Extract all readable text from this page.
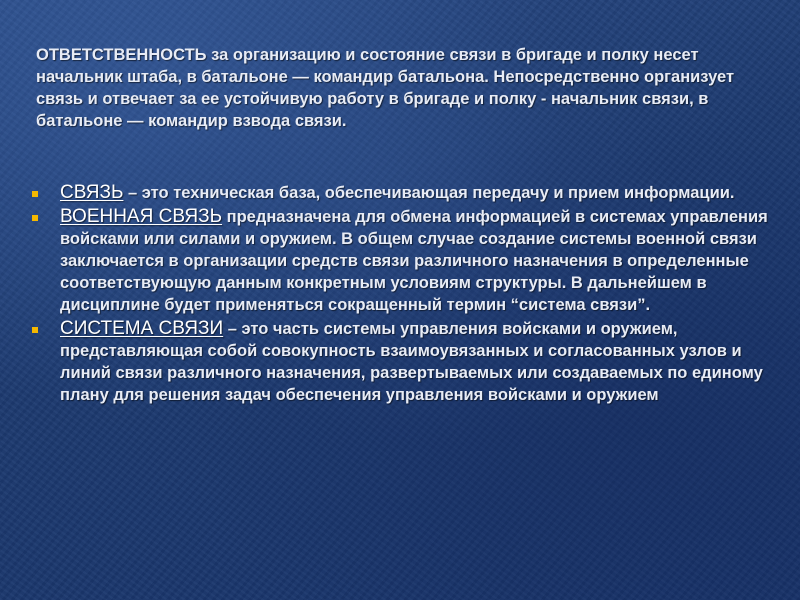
ОТВЕТСТВЕННОСТЬ за организацию и состояние связи в бригаде и полку несет начальник штаба, в батальоне — командир батальона. Непосредственно организует связь и отвечает за ее устойчивую работу в бригаде и полку - начальник связи, в батальоне — командир взвода связи.

СВЯЗЬ – это техническая база, обеспечивающая передачу и прием информации.
ВОЕННАЯ СВЯЗЬ предназначена для обмена информацией в системах управления войсками или силами и оружием. В общем случае создание системы военной связи заключается в организации средств связи различного назначения в определенные соответствующую данным конкретным условиям структуры. В дальнейшем в дисциплине будет применяться сокращенный термин “система связи”.
СИСТЕМА СВЯЗИ – это часть системы управления войсками и оружием, представляющая собой совокупность взаимоувязанных и согласованных узлов и линий связи различного назначения, развертываемых или создаваемых по единому плану для решения задач обеспечения управления войсками и оружием
